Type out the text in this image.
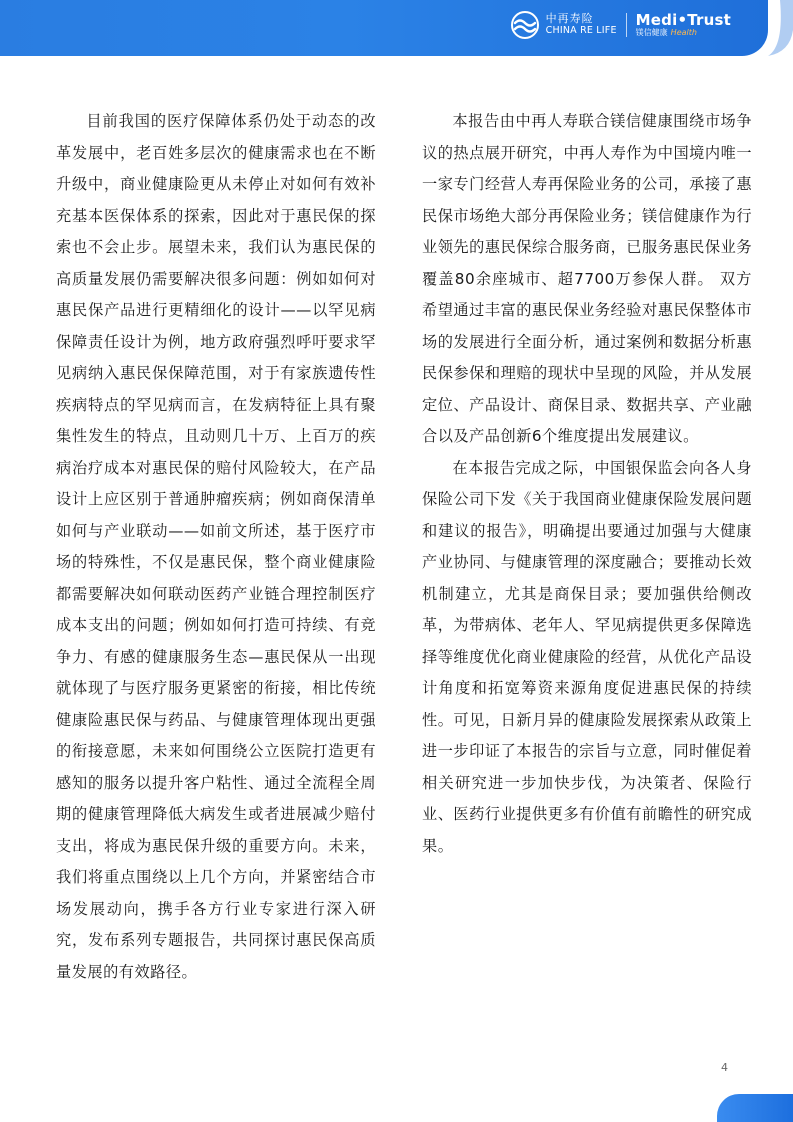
中再寿险
CHINA RE LIFE
Medi•Trust
镁信健康 Health

目前我国的医疗保障体系仍处于动态的改革发展中，老百姓多层次的健康需求也在不断升级中，商业健康险更从未停止对如何有效补充基本医保体系的探索，因此对于惠民保的探索也不会止步。展望未来，我们认为惠民保的高质量发展仍需要解决很多问题：例如如何对惠民保产品进行更精细化的设计——以罕见病保障责任设计为例，地方政府强烈呼吁要求罕见病纳入惠民保保障范围，对于有家族遗传性疾病特点的罕见病而言，在发病特征上具有聚集性发生的特点，且动则几十万、上百万的疾病治疗成本对惠民保的赔付风险较大，在产品设计上应区别于普通肿瘤疾病；例如商保清单如何与产业联动——如前文所述，基于医疗市场的特殊性，不仅是惠民保，整个商业健康险都需要解决如何联动医药产业链合理控制医疗成本支出的问题；例如如何打造可持续、有竞争力、有感的健康服务生态—惠民保从一出现就体现了与医疗服务更紧密的衔接，相比传统健康险惠民保与药品、与健康管理体现出更强的衔接意愿，未来如何围绕公立医院打造更有感知的服务以提升客户粘性、通过全流程全周期的健康管理降低大病发生或者进展减少赔付支出，将成为惠民保升级的重要方向。未来，我们将重点围绕以上几个方向，并紧密结合市场发展动向，携手各方行业专家进行深入研究，发布系列专题报告，共同探讨惠民保高质量发展的有效路径。

本报告由中再人寿联合镁信健康围绕市场争议的热点展开研究，中再人寿作为中国境内唯一一家专门经营人寿再保险业务的公司，承接了惠民保市场绝大部分再保险业务；镁信健康作为行业领先的惠民保综合服务商，已服务惠民保业务覆盖80余座城市、超7700万参保人群。 双方希望通过丰富的惠民保业务经验对惠民保整体市场的发展进行全面分析，通过案例和数据分析惠民保参保和理赔的现状中呈现的风险，并从发展定位、产品设计、商保目录、数据共享、产业融合以及产品创新6个维度提出发展建议。

在本报告完成之际，中国银保监会向各人身保险公司下发《关于我国商业健康保险发展问题和建议的报告》，明确提出要通过加强与大健康产业协同、与健康管理的深度融合；要推动长效机制建立，尤其是商保目录；要加强供给侧改革，为带病体、老年人、罕见病提供更多保障选择等维度优化商业健康险的经营，从优化产品设计角度和拓宽筹资来源角度促进惠民保的持续性。可见，日新月异的健康险发展探索从政策上进一步印证了本报告的宗旨与立意，同时催促着相关研究进一步加快步伐，为决策者、保险行业、医药行业提供更多有价值有前瞻性的研究成果。

4
